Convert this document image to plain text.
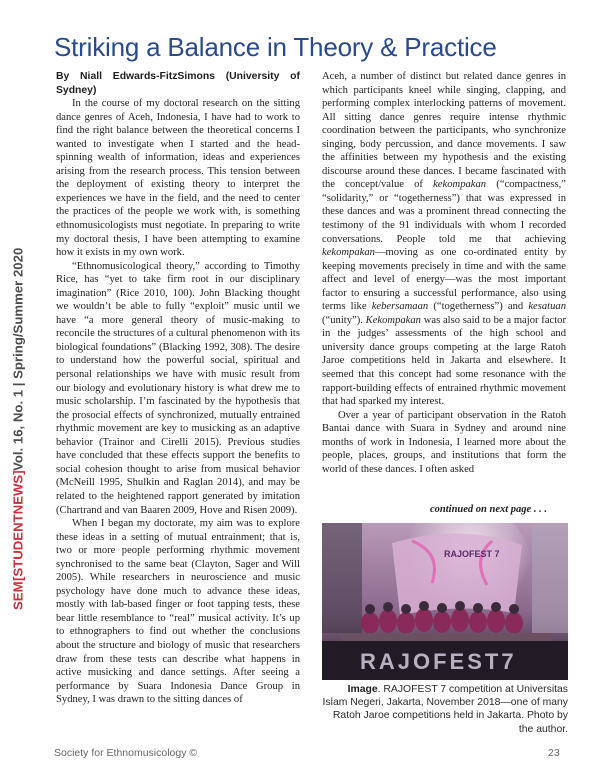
SEM
[STUDENTNEWS]
Vol. 16, No. 1 | Spring/Summer 2020
Striking a Balance in Theory & Practice

By Niall Edwards-FitzSimons (University of Sydney)

In the course of my doctoral research on the sitting dance genres of Aceh, Indonesia, I have had to work to find the right balance between the theoretical concerns I wanted to investigate when I started and the head-spinning wealth of information, ideas and experiences arising from the research process. This tension between the deployment of existing theory to interpret the experiences we have in the field, and the need to center the practices of the people we work with, is something ethnomusicologists must negotiate. In preparing to write my doctoral thesis, I have been attempting to examine how it exists in my own work.

“Ethnomusicological theory,” according to Timothy Rice, has “yet to take firm root in our disciplinary imagination” (Rice 2010, 100). John Blacking thought we wouldn’t be able to fully “exploit” music until we have “a more general theory of music-making to reconcile the structures of a cultural phenomenon with its biological foundations” (Blacking 1992, 308). The desire to understand how the powerful social, spiritual and personal relationships we have with music result from our biology and evolutionary history is what drew me to music scholarship. I’m fascinated by the hypothesis that the prosocial effects of synchronized, mutually entrained rhythmic movement are key to musicking as an adaptive behavior (Trainor and Cirelli 2015). Previous studies have concluded that these effects support the benefits to social cohesion thought to arise from musical behavior (McNeill 1995, Shulkin and Raglan 2014), and may be related to the heightened rapport generated by imitation (Chartrand and van Baaren 2009, Hove and Risen 2009).

When I began my doctorate, my aim was to explore these ideas in a setting of mutual entrainment; that is, two or more people performing rhythmic movement synchronised to the same beat (Clayton, Sager and Will 2005). While researchers in neuroscience and music psychology have done much to advance these ideas, mostly with lab-based finger or foot tapping tests, these bear little resemblance to “real” musical activity. It’s up to ethnographers to find out whether the conclusions about the structure and biology of music that researchers draw from these tests can describe what happens in active musicking and dance settings. After seeing a performance by Suara Indonesia Dance Group in Sydney, I was drawn to the sitting dances of

Aceh, a number of distinct but related dance genres in which participants kneel while singing, clapping, and performing complex interlocking patterns of movement. All sitting dance genres require intense rhythmic coordination between the participants, who synchronize singing, body percussion, and dance movements. I saw the affinities between my hypothesis and the existing discourse around these dances. I became fascinated with the concept/value of kekompakan (“compactness,” “solidarity,” or “togetherness”) that was expressed in these dances and was a prominent thread connecting the testimony of the 91 individuals with whom I recorded conversations. People told me that achieving kekompakan—moving as one co-ordinated entity by keeping movements precisely in time and with the same affect and level of energy—was the most important factor to ensuring a successful performance, also using terms like kebersamaan (“togetherness”) and kesatuan (“unity”). Kekompakan was also said to be a major factor in the judges’ assessments of the high school and university dance groups competing at the large Ratoh Jaroe competitions held in Jakarta and elsewhere. It seemed that this concept had some resonance with the rapport-building effects of entrained rhythmic movement that had sparked my interest.

Over a year of participant observation in the Ratoh Bantai dance with Suara in Sydney and around nine months of work in Indonesia, I learned more about the people, places, groups, and institutions that form the world of these dances. I often asked

continued on next page . . .
RAJOFEST 7
RAJOFEST7
Image. RAJOFEST 7 competition at Universitas Islam Negeri, Jakarta, November 2018—one of many Ratoh Jaroe competitions held in Jakarta. Photo by the author.
Society for Ethnomusicology ©	23
